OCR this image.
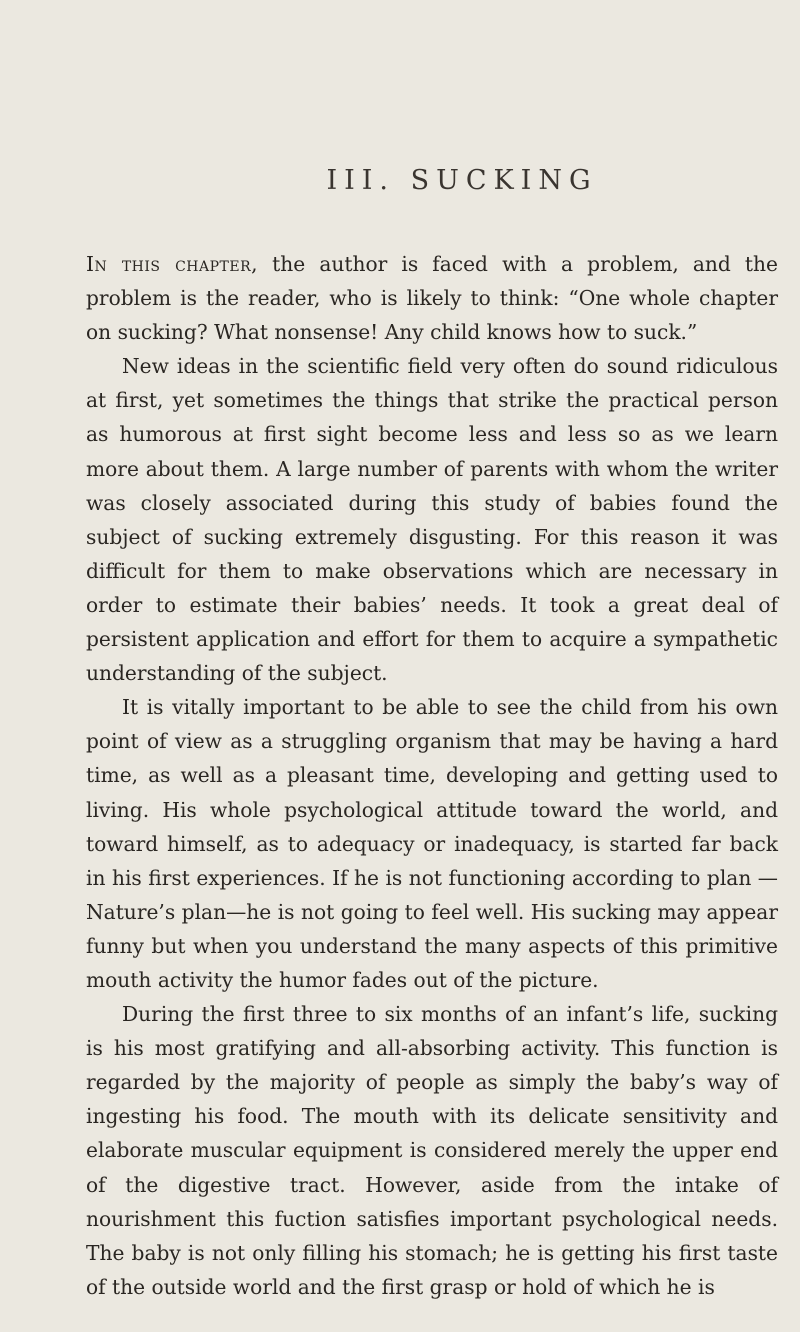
III. SUCKING

In this chapter, the author is faced with a problem, and the problem is the reader, who is likely to think: “One whole chapter on sucking? What nonsense! Any child knows how to suck.”

New ideas in the scientific field very often do sound ridiculous at first, yet sometimes the things that strike the practical person as humorous at first sight become less and less so as we learn more about them. A large number of parents with whom the writer was closely associated during this study of babies found the subject of sucking extremely disgusting. For this reason it was difficult for them to make observations which are necessary in order to estimate their babies’ needs. It took a great deal of persistent application and effort for them to acquire a sympathetic understanding of the subject.

It is vitally important to be able to see the child from his own point of view as a struggling organism that may be having a hard time, as well as a pleasant time, developing and getting used to living. His whole psychological attitude toward the world, and toward himself, as to adequacy or inadequacy, is started far back in his first experiences. If he is not functioning according to plan —Nature’s plan—he is not going to feel well. His sucking may appear funny but when you understand the many aspects of this primitive mouth activity the humor fades out of the picture.

During the first three to six months of an infant’s life, sucking is his most gratifying and all-absorbing activity. This function is regarded by the majority of people as simply the baby’s way of ingesting his food. The mouth with its delicate sensitivity and elaborate muscular equipment is considered merely the upper end of the digestive tract. However, aside from the intake of nourishment this fuction satisfies important psychological needs. The baby is not only filling his stomach; he is getting his first taste of the outside world and the first grasp or hold of which he is
